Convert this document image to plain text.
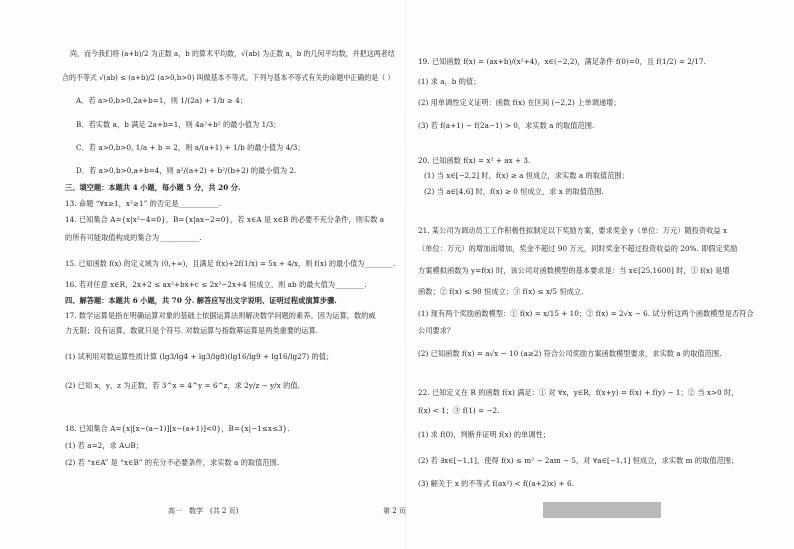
尚，而今我们将 (a+b)/2 为正数 a，b 的算术平均数，√(ab) 为正数 a，b 的几何平均数，并把这两者结
合的不等式 √(ab) ≤ (a+b)/2 (a>0,b>0) 叫做基本不等式。下列与基本不等式有关的命题中正确的是（ ）
A．若 a>0,b>0,2a+b=1，则 1/(2a) + 1/b ≥ 4；
B．若实数 a，b 满足 2a+b=1，则 4a²+b² 的最小值为 1/3；
C．若 a>0,b>0, 1/a + b = 2，则 a/(a+1) + 1/b 的最小值为 4/3；
D．若 a>0,b>0,a+b=4，则 a²/(a+2) + b²/(b+2) 的最小值为 2.
三、填空题：本题共 4 小题，每小题 5 分，共 20 分.
13. 命题 “∀x≥1，x²≥1” 的否定是___________.
14. 已知集合 A={x|x²−4=0}，B={x|ax−2=0}，若 x∈A 是 x∈B 的必要不充分条件，则实数 a
的所有可能取值构成的集合为___________.
15. 已知函数 f(x) 的定义域为 (0,+∞)，且满足 f(x)+2f(1/x) = 5x + 4/x，则 f(x) 的最小值为________.
16. 若对任意 x∈R，2x+2 ≤ ax²+bx+c ≤ 2x²−2x+4 恒成立，则 ab 的最大值为________.
四、解答题：本题共 6 小题，共 70 分. 解答应写出文字说明、证明过程或演算步骤.
17. 数学运算是指在明确运算对象的基础上依据运算法则解决数学问题的素养。因为运算，数的威
力无限；没有运算，数就只是个符号. 对数运算与指数幂运算是两类重要的运算.
(1) 试利用对数运算性质计算 (lg3/lg4 + lg3/lg8)(lg16/lg9 + lg16/lg27) 的值；
(2) 已知 x，y，z 为正数，若 3^x = 4^y = 6^z，求 2y/z − y/x 的值.
18. 已知集合 A={x|[x−(a−1)][x−(a+1)]<0}，B={x|−1≤x≤3}.
(1) 若 a=2，求 A∪B；
(2) 若 “x∈A” 是 “x∈B” 的充分不必要条件，求实数 a 的取值范围.
19. 已知函数 f(x) = (ax+b)/(x²+4)，x∈(−2,2)，满足条件 f(0)=0，且 f(1/2) = 2/17.
(1) 求 a，b 的值；
(2) 用单调性定义证明：函数 f(x) 在区间 (−2,2) 上单调递增；
(3) 若 f(a+1) − f(2a−1) > 0，求实数 a 的取值范围.
20. 已知函数 f(x) = x² + ax + 3.
(1) 当 x∈[−2,2] 时，f(x) ≥ a 恒成立，求实数 a 的取值范围；
(2) 当 a∈[4,6] 时，f(x) ≥ 0 恒成立，求 x 的取值范围.
21. 某公司为调动员工工作积极性拟制定以下奖励方案，要求奖金 y（单位：万元）随投资收益 x
（单位：万元）的增加而增加，奖金不超过 90 万元，同时奖金不超过投资收益的 20%. 即假定奖励
方案模拟函数为 y=f(x) 时，该公司对函数模型的基本要求是：当 x∈[25,1600] 时，① f(x) 是增
函数；② f(x) ≤ 90 恒成立；③ f(x) ≤ x/5 恒成立.
(1) 现有两个奖励函数模型：① f(x) = x/15 + 10；② f(x) = 2√x − 6. 试分析这两个函数模型是否符合
公司要求？
(2) 已知函数 f(x) = a√x − 10 (a≥2) 符合公司奖励方案函数模型要求，求实数 a 的取值范围.
22. 已知定义在 R 的函数 f(x) 满足：① 对 ∀x，y∈R，f(x+y) = f(x) + f(y) − 1；② 当 x>0 时，
f(x) < 1；③ f(1) = −2.
(1) 求 f(0)，判断并证明 f(x) 的单调性；
(2) 若 ∃x∈[−1,1]，使得 f(x) ≤ m² − 2am − 5，对 ∀a∈[−1,1] 恒成立，求实数 m 的取值范围；
(3) 解关于 x 的不等式 f(ax²) < f((a+2)x) + 6.
高一　数学　(共 2 页)	第 2 页
